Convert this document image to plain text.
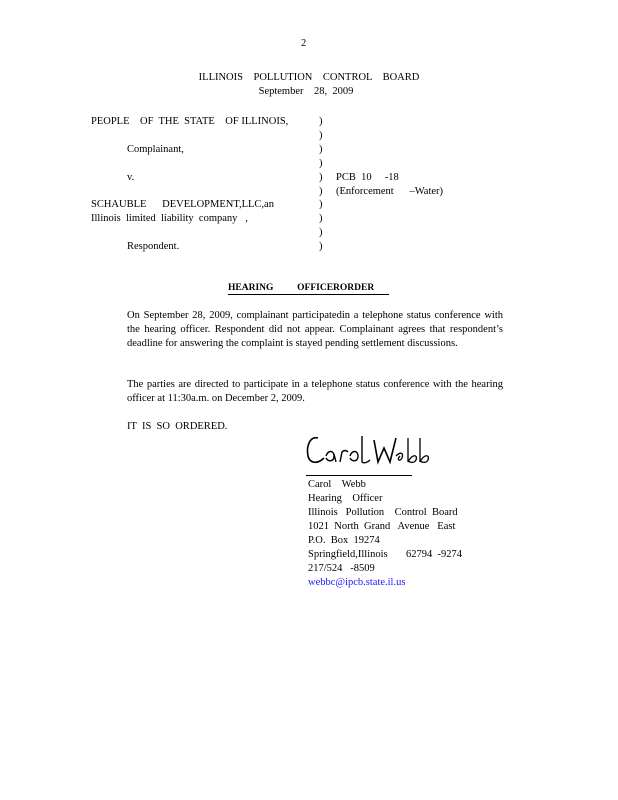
2
ILLINOIS    POLLUTION    CONTROL    BOARD
September    28,  2009
PEOPLE    OF  THE  STATE    OF ILLINOIS,
Complainant,
v.
SCHAUBLE      DEVELOPMENT,LLC,an
Illinois  limited  liability  company   ,
Respondent.
)
)
)
)
)
)
)
)
)
)
PCB  10     -18
(Enforcement      –Water)
HEARING          OFFICERORDER
On September 28, 2009, complainant participatedin a telephone status conference with the hearing officer. Respondent did not appear. Complainant agrees that respondent’s deadline for answering the complaint is stayed pending settlement discussions.
The parties are directed to participate in a telephone status conference with the hearing officer at 11:30a.m. on December 2, 2009.
IT  IS  SO  ORDERED.
Carol    Webb
Hearing    Officer
Illinois   Pollution    Control  Board
1021  North  Grand   Avenue   East
P.O.  Box  19274
Springfield,Illinois       62794  -9274
217/524   -8509
webbc@ipcb.state.il.us
